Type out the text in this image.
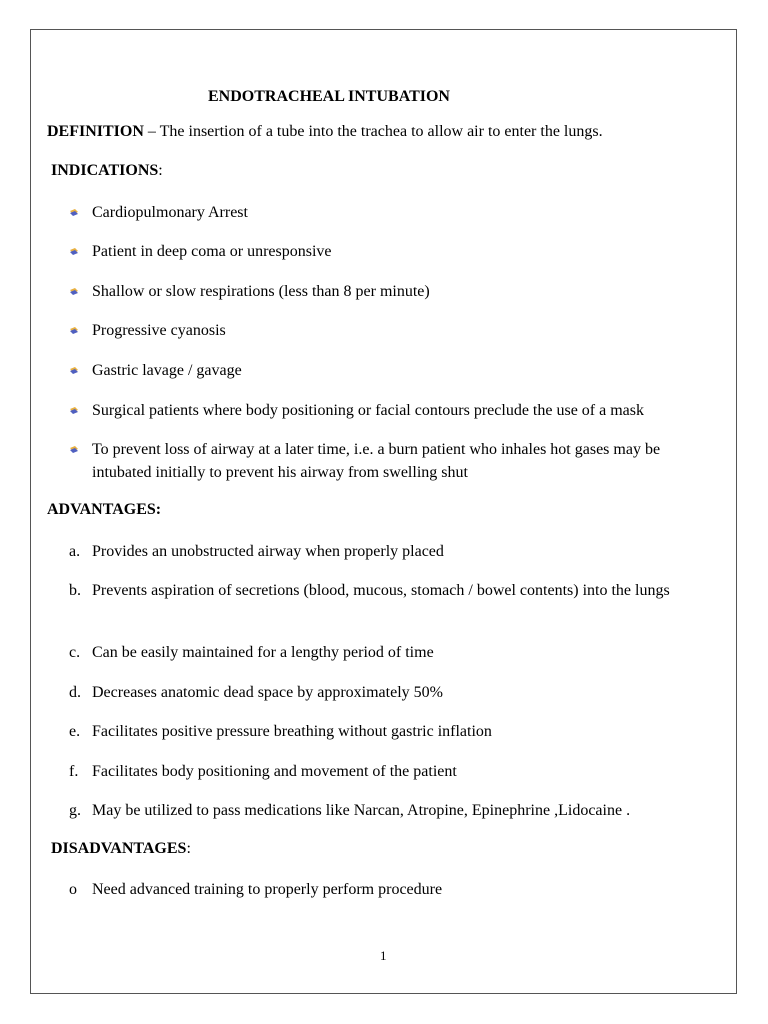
ENDOTRACHEAL INTUBATION
DEFINITION – The insertion of a tube into the trachea to allow air to enter the lungs.
INDICATIONS:
Cardiopulmonary Arrest
Patient in deep coma or unresponsive
Shallow or slow respirations (less than 8 per minute)
Progressive cyanosis
Gastric lavage / gavage
Surgical patients where body positioning or facial contours preclude the use of a mask
To prevent loss of airway at a later time, i.e. a burn patient who inhales hot gases may be intubated initially to prevent his airway from swelling shut
ADVANTAGES:
a. Provides an unobstructed airway when properly placed
b. Prevents aspiration of secretions (blood, mucous, stomach / bowel contents) into the lungs
c. Can be easily maintained for a lengthy period of time
d. Decreases anatomic dead space by approximately 50%
e. Facilitates positive pressure breathing without gastric inflation
f. Facilitates body positioning and movement of the patient
g. May be utilized to pass medications like Narcan, Atropine, Epinephrine ,Lidocaine .
DISADVANTAGES:
o Need advanced training to properly perform procedure
1
